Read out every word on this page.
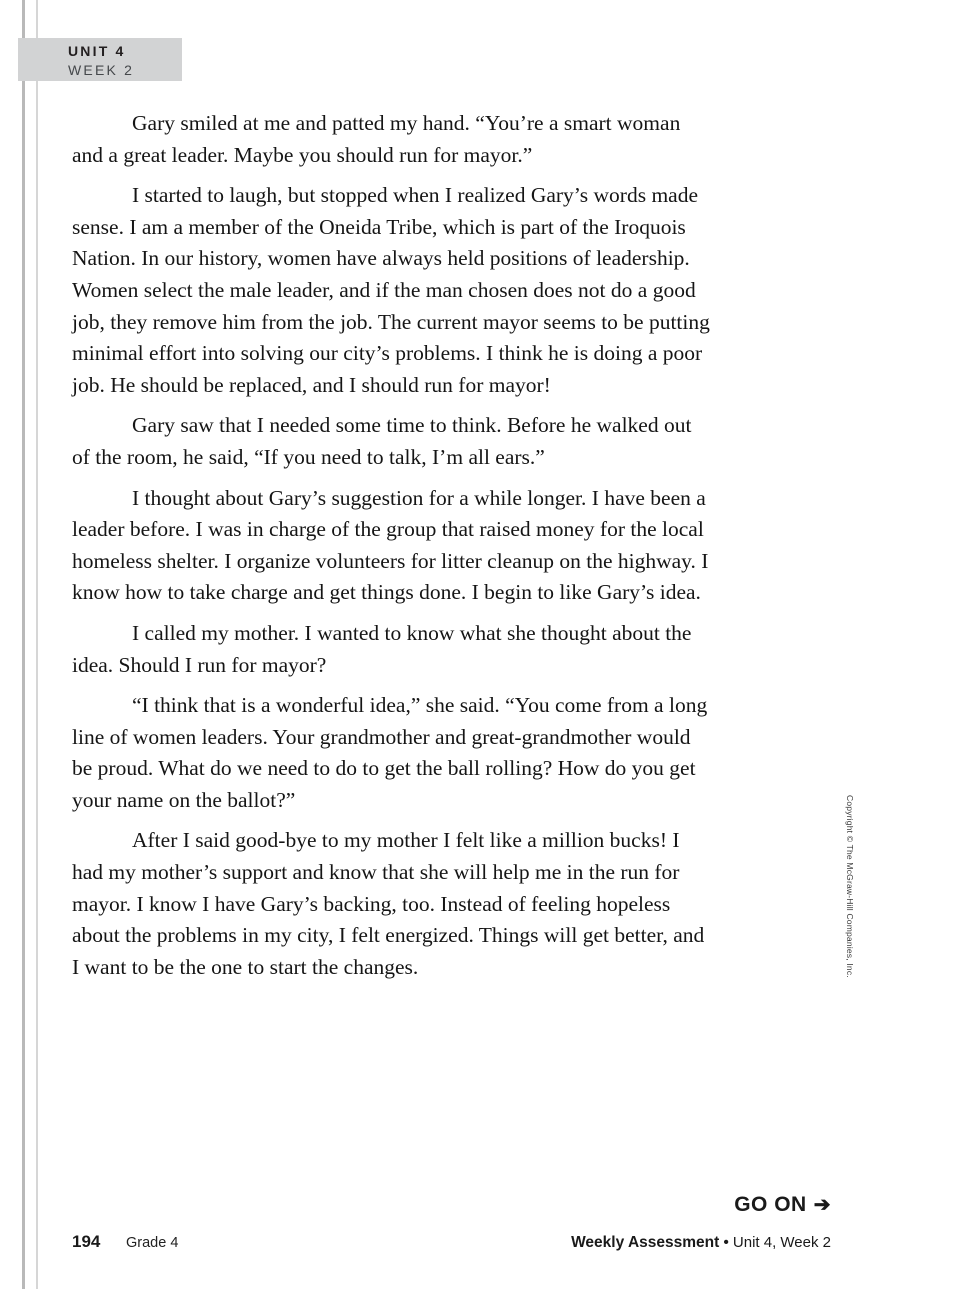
UNIT 4
WEEK 2

Gary smiled at me and patted my hand. “You’re a smart woman and a great leader. Maybe you should run for mayor.”

I started to laugh, but stopped when I realized Gary’s words made sense. I am a member of the Oneida Tribe, which is part of the Iroquois Nation. In our history, women have always held positions of leadership. Women select the male leader, and if the man chosen does not do a good job, they remove him from the job. The current mayor seems to be putting minimal effort into solving our city’s problems. I think he is doing a poor job. He should be replaced, and I should run for mayor!

Gary saw that I needed some time to think. Before he walked out of the room, he said, “If you need to talk, I’m all ears.”

I thought about Gary’s suggestion for a while longer. I have been a leader before. I was in charge of the group that raised money for the local homeless shelter. I organize volunteers for litter cleanup on the highway. I know how to take charge and get things done. I begin to like Gary’s idea.

I called my mother. I wanted to know what she thought about the idea. Should I run for mayor?

“I think that is a wonderful idea,” she said. “You come from a long line of women leaders. Your grandmother and great-grandmother would be proud. What do we need to do to get the ball rolling? How do you get your name on the ballot?”

After I said good-bye to my mother I felt like a million bucks! I had my mother’s support and know that she will help me in the run for mayor. I know I have Gary’s backing, too. Instead of feeling hopeless about the problems in my city, I felt energized. Things will get better, and I want to be the one to start the changes.	Copyright © The McGraw-Hill Companies, Inc.
GO ON ➔
194 Grade 4	Weekly Assessment • Unit 4, Week 2
